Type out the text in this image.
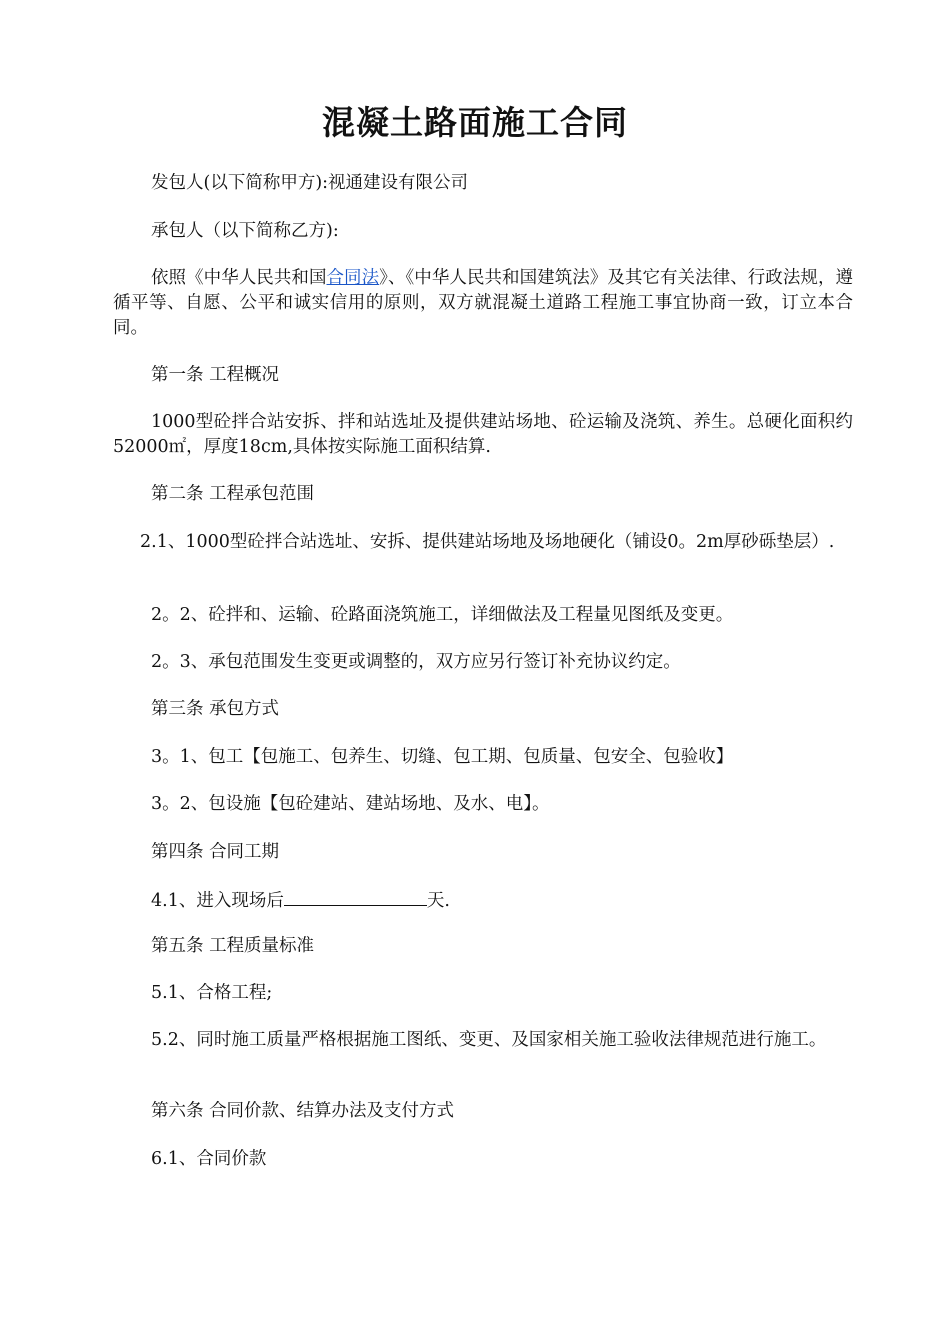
混凝土路面施工合同

发包人(以下简称甲方):视通建设有限公司

承包人（以下简称乙方):

依照《中华人民共和国合同法》、《中华人民共和国建筑法》及其它有关法律、行政法规，遵循平等、自愿、公平和诚实信用的原则，双方就混凝土道路工程施工事宜协商一致，订立本合同。

第一条 工程概况

1000型砼拌合站安拆、拌和站选址及提供建站场地、砼运输及浇筑、养生。总硬化面积约52000㎡，厚度18cm,具体按实际施工面积结算.

第二条 工程承包范围

2.1、1000型砼拌合站选址、安拆、提供建站场地及场地硬化（铺设0。2m厚砂砾垫层）.

2。2、砼拌和、运输、砼路面浇筑施工，详细做法及工程量见图纸及变更。

2。3、承包范围发生变更或调整的，双方应另行签订补充协议约定。

第三条 承包方式

3。1、包工【包施工、包养生、切缝、包工期、包质量、包安全、包验收】

3。2、包设施【包砼建站、建站场地、及水、电】。

第四条 合同工期

4.1、进入现场后	天.

第五条 工程质量标准

5.1、合格工程;

5.2、同时施工质量严格根据施工图纸、变更、及国家相关施工验收法律规范进行施工。

第六条 合同价款、结算办法及支付方式

6.1、合同价款
